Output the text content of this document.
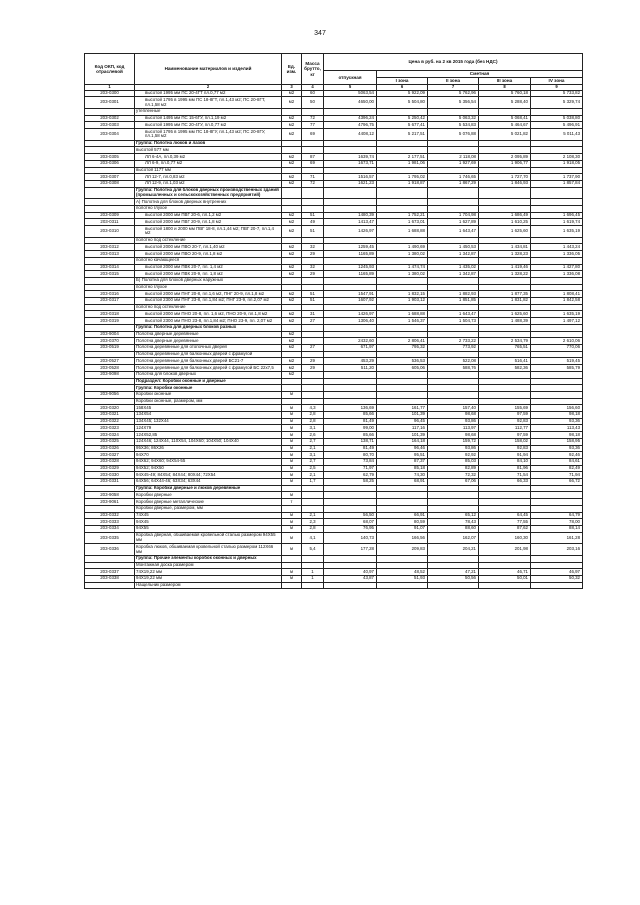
347
Код ОКП, код отраслевой	Наименование материалов и изделий	Ед. изм.	Масса брутто, кг	Цена в руб. на 2 кв 2015 года (без НДС)				
				отпускная	Сметная			
					I зона	II зона	III зона	IV зона
1	2	3	4	5	6	7	8	9
203-0300	высотой 1995 мм ПС 20-4ГТ пл.0,77 м2	м2	60	5063,54	5 922,09	5 762,96	5 760,18	5 733,82
203-0301	высотой 1795 в 1995 мм ПС 18-8ГТ, пл.1,43 м2; ПС 20-8ГТ, пл.1,58 м2	м2	50	4650,00	5 504,80	5 356,54	5 288,40	5 329,74
	утепленные							
203-0302	высотой 1495 мм ПС 15-6ГУ, пл.1,19 м2	м2	72	4396,24	5 250,42	5 063,32	5 068,41	5 038,80
203-0303	высотой 1995 мм ПС 20-4ГУ, пл.0,77 м2	м2	77	4796,75	5 677,41	5 534,83	5 464,67	5 496,91
203-0304	высотой 1795 в 1995 мм ПС 18-8ГУ, пл.1,43 м2; ПС 20-8ГУ, пл.1,58 м2	м2	69	4408,12	5 217,51	5 076,88	5 021,82	5 011,43
	Группа: Полотна люков и лазов							
	высотой 577 мм							
203-0305	ЛЛ 6-4А, пл.0,39 м2	м2	87	1639,74	2 177,51	2 118,08	2 095,89	2 108,30
203-0306	ЛЛ 6-9, пл.0,77 м2	м2	69	1673,71	1 981,06	1 927,69	1 906,77	1 918,05
	высотой 1177 мм							
203-0307	ЛЛ 12-7, пл.0,83 м2	м2	71	1516,57	1 795,02	1 746,65	1 727,70	1 737,90
203-0308	ЛЛ 12-9, пл.1,03 м2	м2	72	1621,23	1 918,87	1 867,29	1 846,93	1 857,84
	Группа: Полотна для блоков дверных производственных зданий (промышленных и сельскохозяйственных предприятий)							
	А) Полотна для блоков дверных внутренних							
	полотно глухое							
203-0309	высотой 2000 мм ПВГ 20-6, пл.1,2 м2	м2	51	1480,39	1 752,21	1 704,98	1 686,49	1 696,45
203-0311	высотой 2000 мм ПВГ 20-9, пл.1,8 м2	м2	49	1413,47	1 673,01	1 627,89	1 610,25	1 619,74
203-0310	высотой 1800 и 2000 мм ПВГ 18-8, пл.1,44 м2; ПВГ 20-7, пл.1,4 м2	м2	51	1426,97	1 688,88	1 643,47	1 625,60	1 635,19
	полотно под остекление							
203-0312	высотой 2000 мм ПВО 20-7, пл.1,40 м2	м2	32	1259,45	1 490,69	1 450,53	1 434,81	1 443,24
203-0313	высотой 2000 мм ПВО 20-9, пл.1,8 м2	м2	29	1165,89	1 380,02	1 342,87	1 328,23	1 336,05
	полотно качающееся							
203-0314	высотой 2000 мм ПВК 20-7, пл. 1,4 м2	м2	32	1245,93	1 474,74	1 435,02	1 419,46	1 427,80
203-0315	высотой 2000 мм ПВК 20-9, пл. 1,8 м2	м2	29	1165,89	1 380,02	1 342,87	1 328,22	1 336,08
	Б) Полотна для блоков дверных наружных							
	полотно глухое							
203-0316	высотой 2000 мм ПНГ 20-8, пл.1,6 м2, ПНГ 20-9, пл.1,8 м2	м2	51	1547,91	1 832,15	1 882,93	1 877,35	1 808,41
203-0317	высотой 2300 мм ПНГ 23-8, пл.1,84 м2; ПНГ 23-9, пл.2,07 м2	м2	51	1607,92	1 903,12	1 851,85	1 831,82	1 842,58
	полотно под остекление							
203-0318	высотой 2000 мм ПНО 20-8, пл. 1,6 м2, ПНО 20-9, пл.1,8 м2	м2	31	1426,97	1 688,88	1 643,47	1 625,60	1 635,19
203-0319	высотой 2300 мм ПНО 23-8, пл.1,84 м2; ПНО 23-9, пл. 2,07 м2	м2	27	1306,40	1 546,37	1 504,73	1 488,39	1 497,12
	Группа: Полотна для дверных блоков разных							
203-9004	Полотна дверные деревянные	м2						
203-0370	Полотна дверные деревянные	м2		2432,60	2 806,41	2 733,22	2 534,79	2 610,06
203-0519	Полотна деревянные для отопочных дверей	м2	27	671,97	795,32	773,92	765,51	770,06
	Полотна деревянные для балконных дверей с фрамугой							
203-0527	Полотна деревянные для балконных дверей БС21-7	м2	29	453,29	536,53	522,08	516,41	519,45
203-0528	Полотна деревянные для балконных дверей с фрамугой БС 22х7,5	м2	29	511,20	605,06	588,76	582,36	585,79
203-9098	Полотна для блоков дверных	м2						
	Подраздел: Коробки оконные и дверные							
	Группа: Коробки оконные							
203-9056	Коробки оконные	м						
	Коробки оконные, размером, мм							
203-0320	158Х45	м	4,3	136,69	161,77	157,40	155,69	156,60
203-0321	134Х54	м	2,8	85,66	101,39	98,68	97,59	98,18
203-0322	134Х45; 132Х44	м	2,8	81,49	96,45	93,86	92,83	93,36
203-0323	124Х79	м	3,1	99,00	117,16	113,97	112,77	113,43
203-0324	124Х52,85	м	2,6	85,66	101,39	98,68	97,59	98,18
203-0325	124Х46; 124Х44, 110Х54, 104Х60; 104Х50; 104Х40	м	2,7	138,71	164,18	159,72	158,02	158,95
203-0326	95Х36; 86Х26	м	2,1	81,49	96,46	93,86	92,83	93,36
203-0327	94Х70	м	3,1	80,70	95,51	92,92	91,94	92,46
203-0328	94Х62; 94Х60; 94Х54-55	м	2,7	73,84	87,37	85,03	84,10	84,61
203-0329	94Х52; 94Х50	м	2,5	71,97	85,18	82,89	81,96	82,49
203-0330	94Х45-49; 84Х54; 84Х44; 80Х44; 72Х54	м	2,1	62,79	74,30	72,32	71,54	71,94
203-0331	64Х56; 64Х44-46; 63Х34; 63Х44	м	1,7	58,25	68,91	67,06	66,33	66,72
	Группа: Коробки дверные и люков деревянные							
203-9058	Коробки дверные	м						
203-9061	Коробки дверные металлические	т						
	Коробки дверные, размером, мм							
203-0332	74Х45	м	2,1	56,50	66,91	65,12	64,45	64,79
203-0333	94Х45	м	2,3	68,07	80,59	78,43	77,55	78,00
203-0334	94Х55	м	2,8	76,95	91,07	88,60	87,62	88,14
203-0335	Коробка дверная, обшиваемая кровельной сталью размером 94Х55 мм	м	4,1	140,73	166,56	162,07	160,30	161,28
203-0336	Коробка люков, обшиваемая кровельной сталью размером 112Х66 мм	м	5,4	177,28	209,83	204,21	201,98	203,16
	Группа: Прочие элементы коробок оконных и дверных							
	Монтажная доска размером							
203-0337	74Х19,22 мм	м	1	40,97	48,52	47,21	46,71	46,97
203-0338	94Х19,22 мм	м	1	43,87	51,93	50,56	50,01	50,32
	Нащельник размером							
